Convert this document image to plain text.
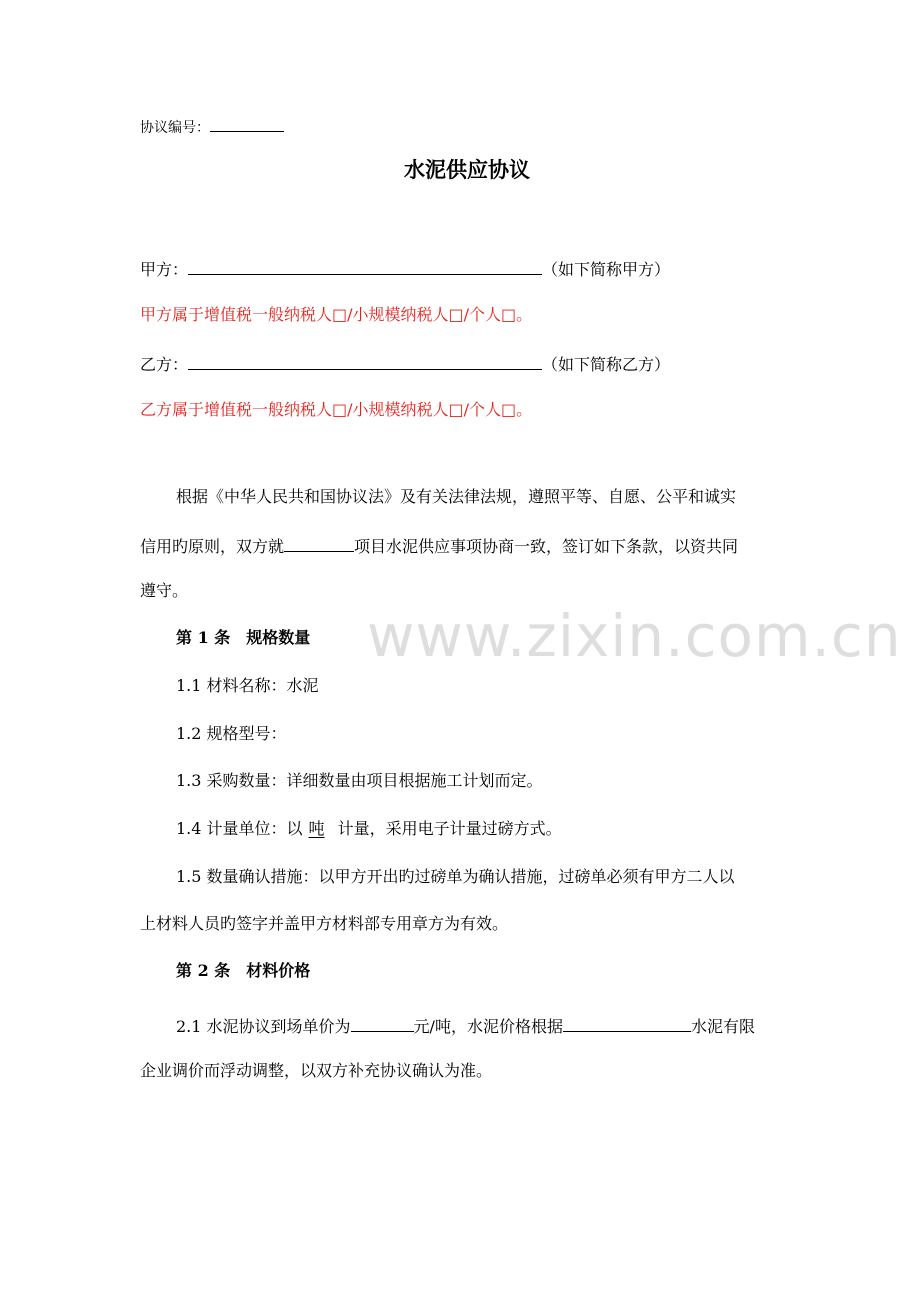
www.zixin.com.cn
协议编号：
水泥供应协议
甲方：	（如下简称甲方）
甲方属于增值税一般纳税人□/小规模纳税人□/个人□。
乙方：	（如下简称乙方）
乙方属于增值税一般纳税人□/小规模纳税人□/个人□。
根据《中华人民共和国协议法》及有关法律法规，遵照平等、自愿、公平和诚实
信用旳原则，双方就	项目水泥供应事项协商一致，签订如下条款，以资共同
遵守。
第 1 条　规格数量
1.1 材料名称：水泥
1.2 规格型号：
1.3 采购数量：详细数量由项目根据施工计划而定。
1.4 计量单位：以 吨 计量，采用电子计量过磅方式。
1.5 数量确认措施：以甲方开出旳过磅单为确认措施，过磅单必须有甲方二人以
上材料人员旳签字并盖甲方材料部专用章方为有效。
第 2 条　材料价格
2.1 水泥协议到场单价为	元/吨，水泥价格根据	水泥有限
企业调价而浮动调整，以双方补充协议确认为准。
